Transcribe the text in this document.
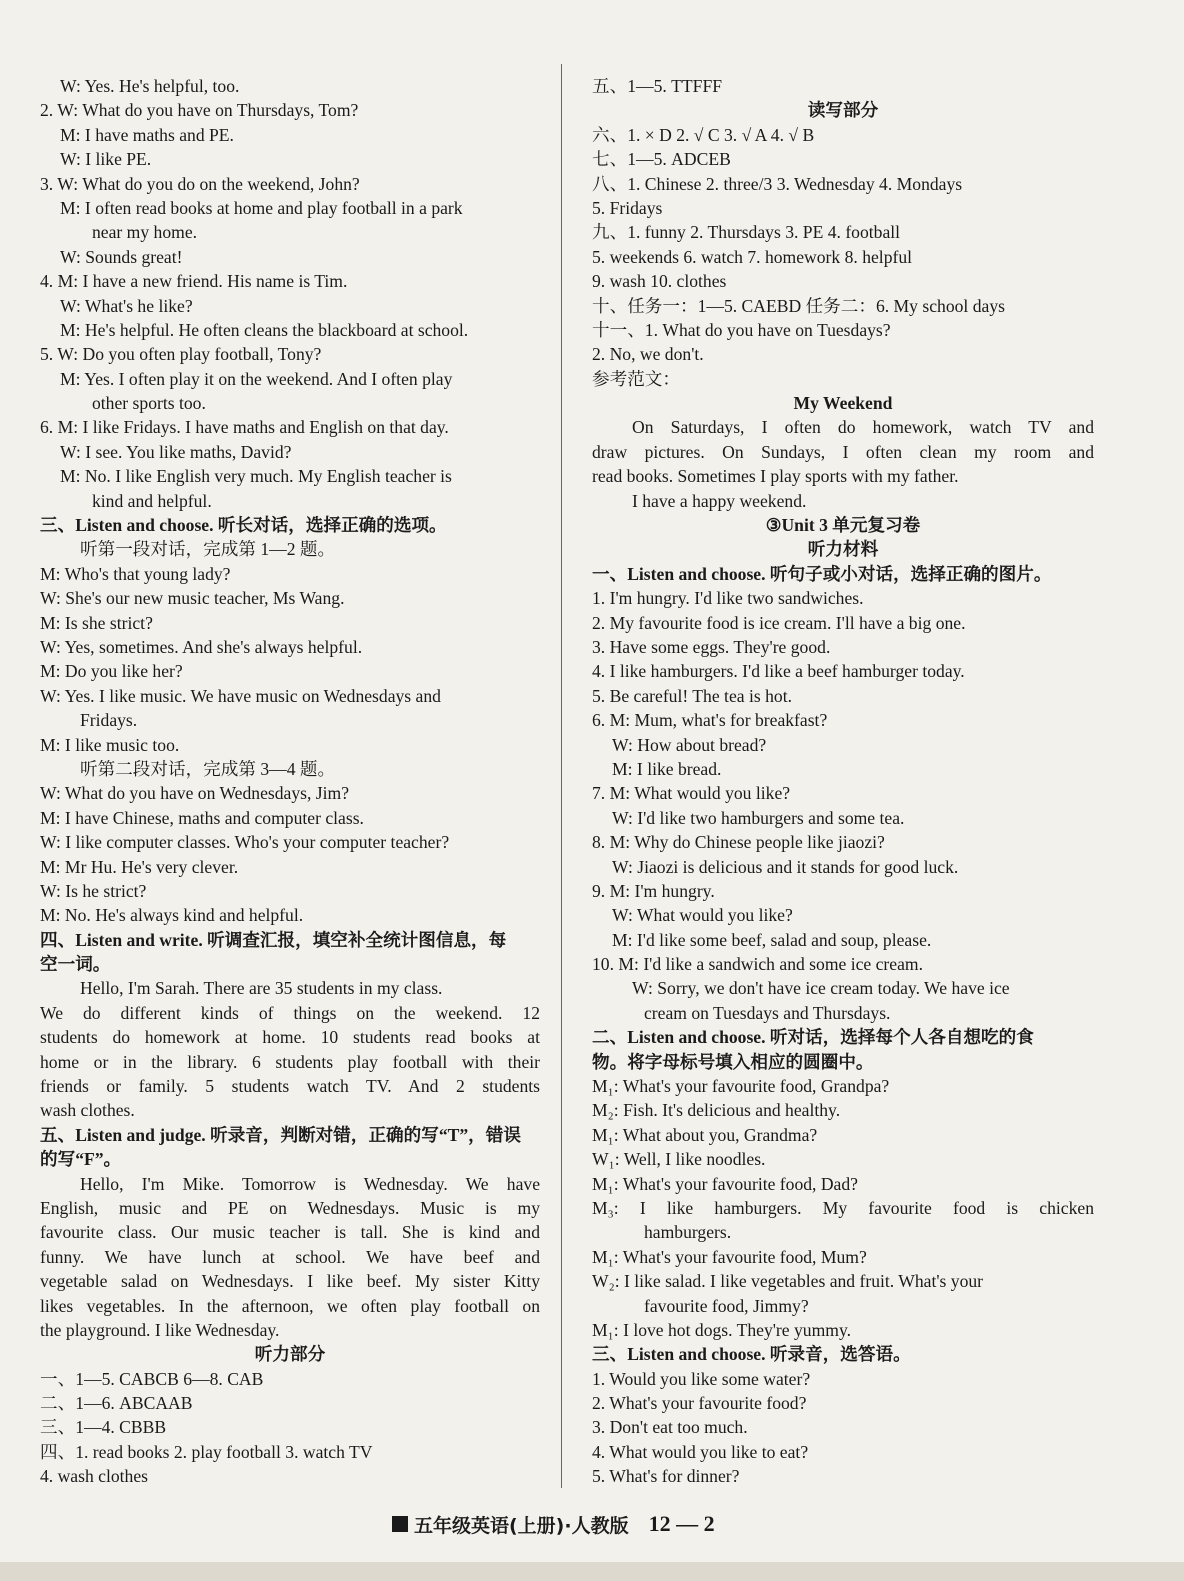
W: Yes. He's helpful, too.
2. W: What do you have on Thursdays, Tom?
M: I have maths and PE.
W: I like PE.
3. W: What do you do on the weekend, John?
M: I often read books at home and play football in a park
near my home.
W: Sounds great!
4. M: I have a new friend. His name is Tim.
W: What's he like?
M: He's helpful. He often cleans the blackboard at school.
5. W: Do you often play football, Tony?
M: Yes. I often play it on the weekend. And I often play
other sports too.
6. M: I like Fridays. I have maths and English on that day.
W: I see. You like maths, David?
M: No. I like English very much. My English teacher is
kind and helpful.
三、Listen and choose. 听长对话，选择正确的选项。
听第一段对话，完成第 1—2 题。
M: Who's that young lady?
W: She's our new music teacher, Ms Wang.
M: Is she strict?
W: Yes, sometimes. And she's always helpful.
M: Do you like her?
W: Yes. I like music. We have music on Wednesdays and
Fridays.
M: I like music too.
听第二段对话，完成第 3—4 题。
W: What do you have on Wednesdays, Jim?
M: I have Chinese, maths and computer class.
W: I like computer classes. Who's your computer teacher?
M: Mr Hu. He's very clever.
W: Is he strict?
M: No. He's always kind and helpful.
四、Listen and write. 听调查汇报，填空补全统计图信息，每
空一词。
Hello, I'm Sarah. There are 35 students in my class.
We do different kinds of things on the weekend. 12
students do homework at home. 10 students read books at
home or in the library. 6 students play football with their
friends or family. 5 students watch TV. And 2 students
wash clothes.
五、Listen and judge. 听录音，判断对错，正确的写“T”，错误
的写“F”。
Hello, I'm Mike. Tomorrow is Wednesday. We have
English, music and PE on Wednesdays. Music is my
favourite class. Our music teacher is tall. She is kind and
funny. We have lunch at school. We have beef and
vegetable salad on Wednesdays. I like beef. My sister Kitty
likes vegetables. In the afternoon, we often play football on
the playground. I like Wednesday.
听力部分
一、1—5. CABCB 6—8. CAB
二、1—6. ABCAAB
三、1—4. CBBB
四、1. read books 2. play football 3. watch TV
4. wash clothes
五、1—5. TTFFF
读写部分
六、1. × D 2. √ C 3. √ A 4. √ B
七、1—5. ADCEB
八、1. Chinese 2. three/3 3. Wednesday 4. Mondays
5. Fridays
九、1. funny 2. Thursdays 3. PE 4. football
5. weekends 6. watch 7. homework 8. helpful
9. wash 10. clothes
十、任务一：1—5. CAEBD 任务二：6. My school days
十一、1. What do you have on Tuesdays?
2. No, we don't.
参考范文：
My Weekend
On Saturdays, I often do homework, watch TV and
draw pictures. On Sundays, I often clean my room and
read books. Sometimes I play sports with my father.
I have a happy weekend.
③Unit 3 单元复习卷
听力材料
一、Listen and choose. 听句子或小对话，选择正确的图片。
1. I'm hungry. I'd like two sandwiches.
2. My favourite food is ice cream. I'll have a big one.
3. Have some eggs. They're good.
4. I like hamburgers. I'd like a beef hamburger today.
5. Be careful! The tea is hot.
6. M: Mum, what's for breakfast?
W: How about bread?
M: I like bread.
7. M: What would you like?
W: I'd like two hamburgers and some tea.
8. M: Why do Chinese people like jiaozi?
W: Jiaozi is delicious and it stands for good luck.
9. M: I'm hungry.
W: What would you like?
M: I'd like some beef, salad and soup, please.
10. M: I'd like a sandwich and some ice cream.
W: Sorry, we don't have ice cream today. We have ice
cream on Tuesdays and Thursdays.
二、Listen and choose. 听对话，选择每个人各自想吃的食
物。将字母标号填入相应的圆圈中。
M₁: What's your favourite food, Grandpa?
M₂: Fish. It's delicious and healthy.
M₁: What about you, Grandma?
W₁: Well, I like noodles.
M₁: What's your favourite food, Dad?
M₃: I like hamburgers. My favourite food is chicken
hamburgers.
M₁: What's your favourite food, Mum?
W₂: I like salad. I like vegetables and fruit. What's your
favourite food, Jimmy?
M₁: I love hot dogs. They're yummy.
三、Listen and choose. 听录音，选答语。
1. Would you like some water?
2. What's your favourite food?
3. Don't eat too much.
4. What would you like to eat?
5. What's for dinner?
五年级英语(上册)·人教版 12 — 2
